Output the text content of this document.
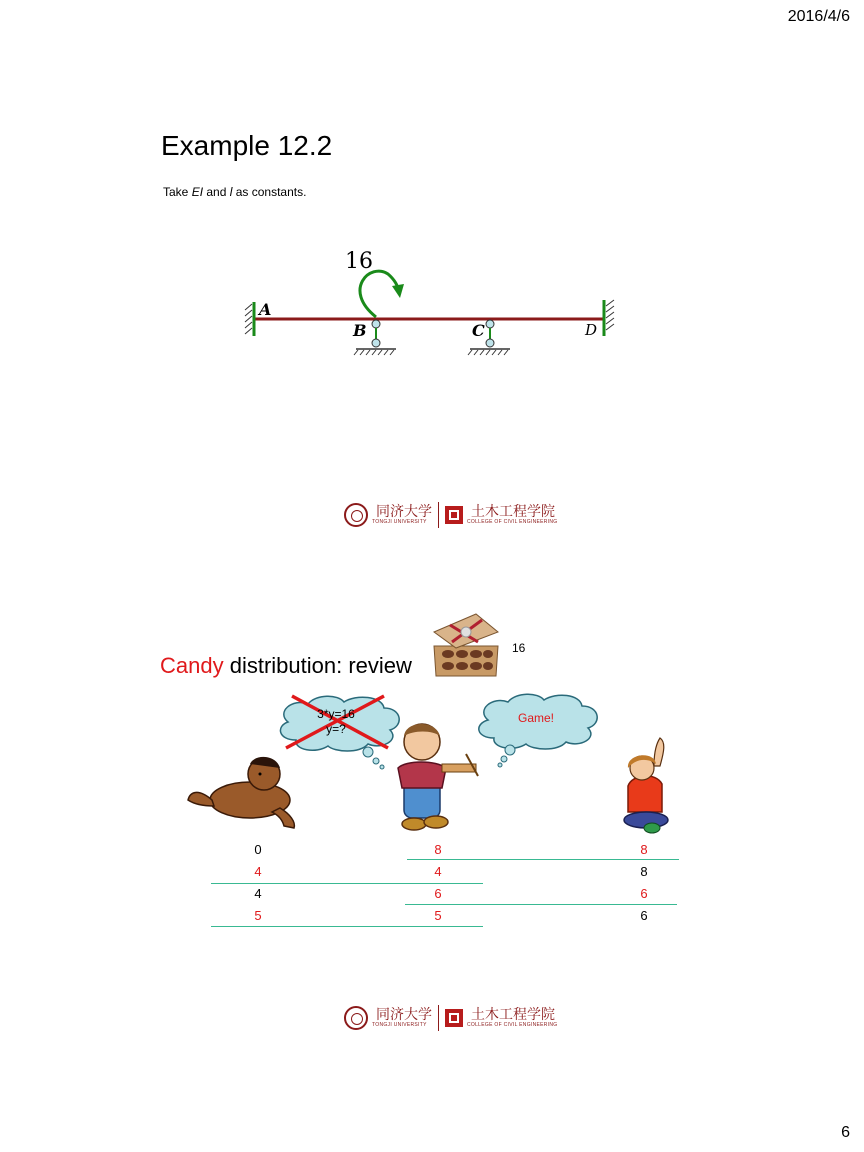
2016/4/6
6
Example 12.2
Take EI and l as constants.
16
A
B	C	D
同济大学
TONGJI UNIVERSITY
土木工程学院
COLLEGE OF CIVIL ENGINEERING
Candy distribution: review
16
3*y=16
y=?
Game!
0	8	8
4	4	8
4	6	6
5	5	6
同济大学
TONGJI UNIVERSITY
土木工程学院
COLLEGE OF CIVIL ENGINEERING
